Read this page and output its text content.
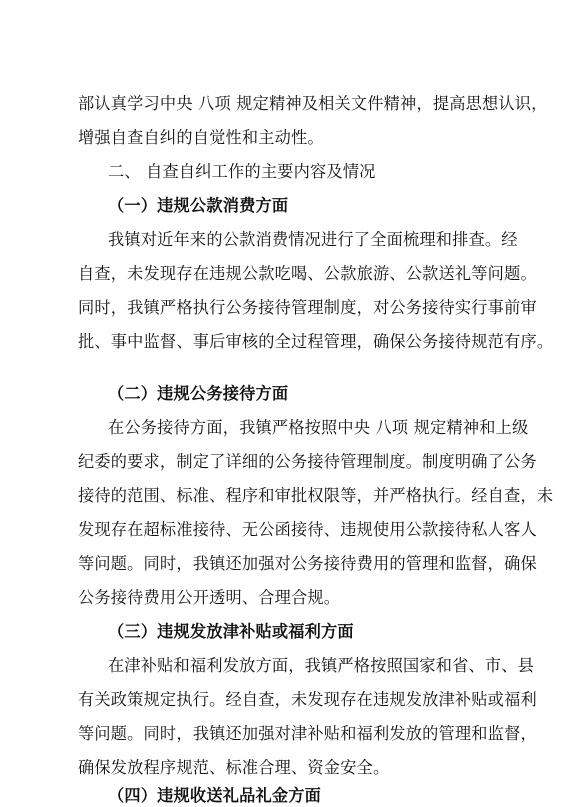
部认真学习中央 八项 规定精神及相关文件精神，提高思想认识，
增强自查自纠的自觉性和主动性。
二、 自查自纠工作的主要内容及情况
（一）违规公款消费方面
我镇对近年来的公款消费情况进行了全面梳理和排查。经
自查，未发现存在违规公款吃喝、公款旅游、公款送礼等问题。
同时，我镇严格执行公务接待管理制度，对公务接待实行事前审
批、事中监督、事后审核的全过程管理，确保公务接待规范有序。
（二）违规公务接待方面
在公务接待方面，我镇严格按照中央 八项 规定精神和上级
纪委的要求，制定了详细的公务接待管理制度。制度明确了公务
接待的范围、标准、程序和审批权限等，并严格执行。经自查，未
发现存在超标准接待、无公函接待、违规使用公款接待私人客人
等问题。同时，我镇还加强对公务接待费用的管理和监督，确保
公务接待费用公开透明、合理合规。
（三）违规发放津补贴或福利方面
在津补贴和福利发放方面，我镇严格按照国家和省、市、县
有关政策规定执行。经自查，未发现存在违规发放津补贴或福利
等问题。同时，我镇还加强对津补贴和福利发放的管理和监督，
确保发放程序规范、标准合理、资金安全。
（四）违规收送礼品礼金方面
